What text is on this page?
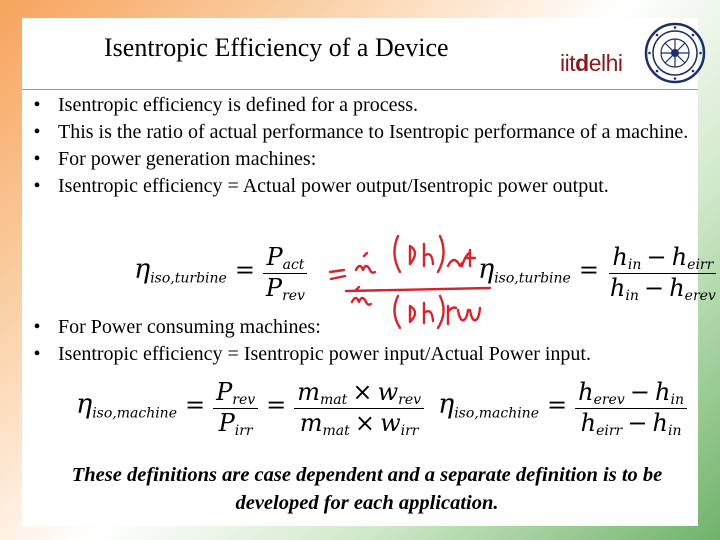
Isentropic Efficiency of a Device
iitdelhi
• Isentropic efficiency is defined for a process.
• This is the ratio of actual performance to Isentropic performance of a machine.
• For power generation machines:
• Isentropic efficiency = Actual power output/Isentropic power output.
$\eta_{iso,turbine} = \frac{P_{act}}{P_{rev}}$	$\eta_{iso,turbine} = \frac{h_{in} - h_{eirr}}{h_{in} - h_{erev}}$
• For Power consuming machines:
• Isentropic efficiency = Isentropic power input/Actual Power input.
$\eta_{iso,machine} = \frac{P_{rev}}{P_{irr}} = \frac{m_{mat} \times w_{rev}}{m_{mat} \times w_{irr}} \eta_{iso,machine} = \frac{h_{erev} - h_{in}}{h_{eirr} - h_{in}}$
These definitions are case dependent and a separate definition is to be developed for each application.
